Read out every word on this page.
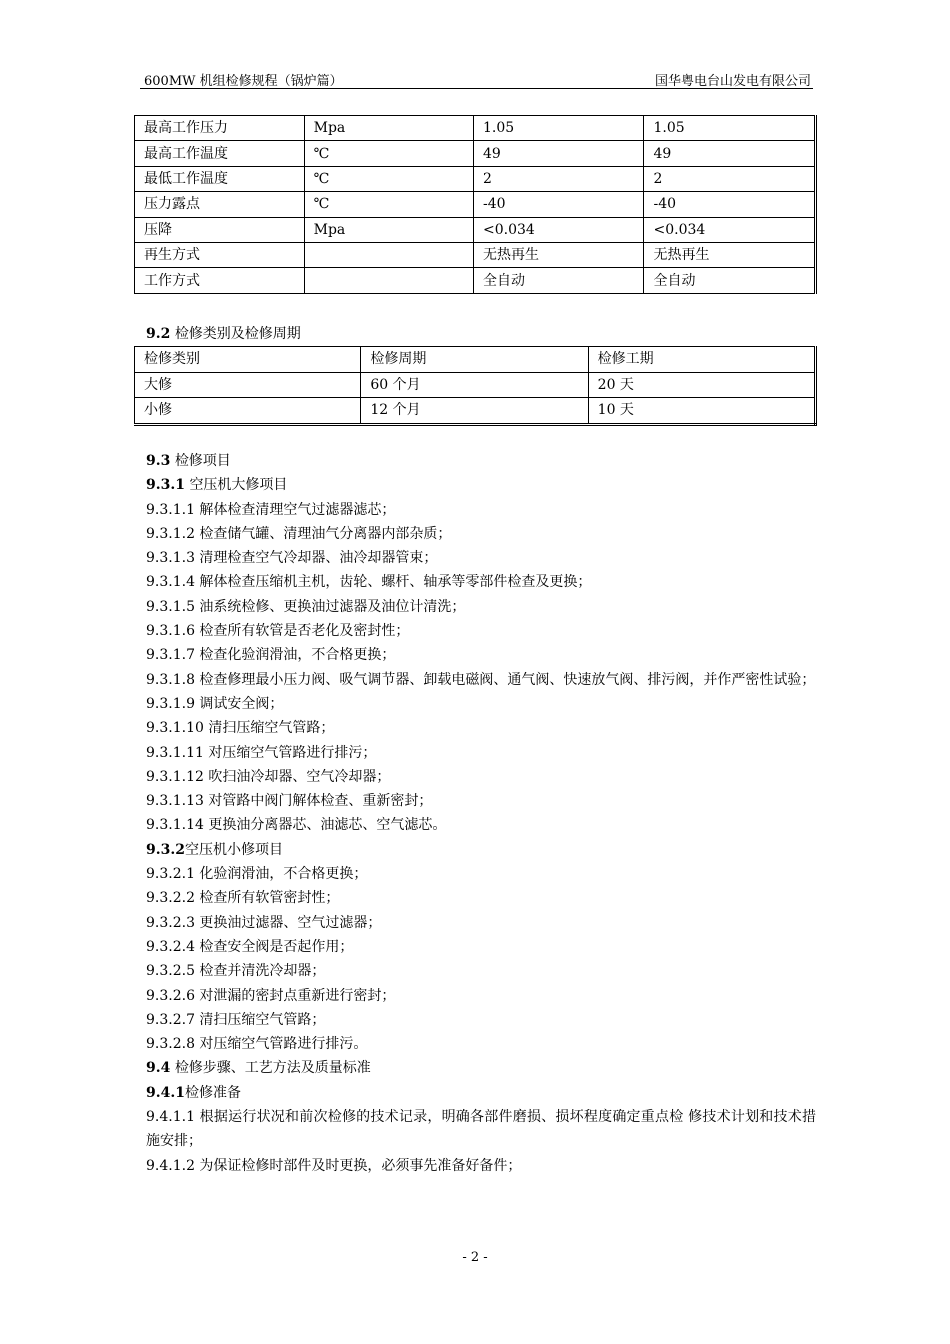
600MW 机组检修规程（锅炉篇）	国华粤电台山发电有限公司
最高工作压力	Mpa	1.05	1.05
最高工作温度	℃	49	49
最低工作温度	℃	2	2
压力露点	℃	-40	-40
压降	Mpa	<0.034	<0.034
再生方式		无热再生	无热再生
工作方式		全自动	全自动
9.2 检修类别及检修周期
检修类别	检修周期	检修工期
大修	60 个月	20 天
小修	12 个月	10 天
9.3 检修项目
9.3.1 空压机大修项目
9.3.1.1 解体检查清理空气过滤器滤芯；
9.3.1.2 检查储气罐、清理油气分离器内部杂质；
9.3.1.3 清理检查空气冷却器、油冷却器管束；
9.3.1.4 解体检查压缩机主机，齿轮、螺杆、轴承等零部件检查及更换；
9.3.1.5 油系统检修、更换油过滤器及油位计清洗；
9.3.1.6 检查所有软管是否老化及密封性；
9.3.1.7 检查化验润滑油，不合格更换；
9.3.1.8 检查修理最小压力阀、吸气调节器、卸载电磁阀、通气阀、快速放气阀、排污阀，并作严密性试验；
9.3.1.9 调试安全阀；
9.3.1.10 清扫压缩空气管路；
9.3.1.11 对压缩空气管路进行排污；
9.3.1.12 吹扫油冷却器、空气冷却器；
9.3.1.13 对管路中阀门解体检查、重新密封；
9.3.1.14 更换油分离器芯、油滤芯、空气滤芯。
9.3.2空压机小修项目
9.3.2.1 化验润滑油，不合格更换；
9.3.2.2 检查所有软管密封性；
9.3.2.3 更换油过滤器、空气过滤器；
9.3.2.4 检查安全阀是否起作用；
9.3.2.5 检查并清洗冷却器；
9.3.2.6 对泄漏的密封点重新进行密封；
9.3.2.7 清扫压缩空气管路；
9.3.2.8 对压缩空气管路进行排污。
9.4 检修步骤、工艺方法及质量标准
9.4.1检修准备
9.4.1.1 根据运行状况和前次检修的技术记录，明确各部件磨损、损坏程度确定重点检 修技术计划和技术措施安排；
9.4.1.2 为保证检修时部件及时更换，必须事先准备好备件；
- 2 -
